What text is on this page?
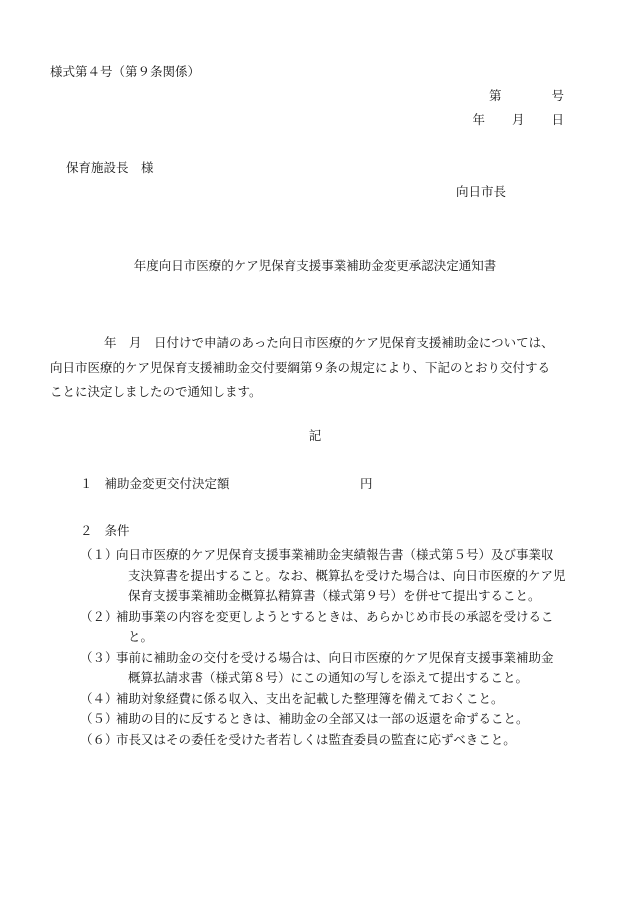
様式第４号（第９条関係）
第	号
年 月 日
保育施設長　様
向日市長
年度向日市医療的ケア児保育支援事業補助金変更承認決定通知書
年　月　日付けで申請のあった向日市医療的ケア児保育支援補助金については、
向日市医療的ケア児保育支援補助金交付要綱第９条の規定により、下記のとおり交付する
ことに決定しましたので通知します。
記
１ 補助金変更交付決定額	円
２ 条件
（１）
向日市医療的ケア児保育支援事業補助金実績報告書（様式第５号）及び事業収
支決算書を提出すること。なお、概算払を受けた場合は、向日市医療的ケア児
保育支援事業補助金概算払精算書（様式第９号）を併せて提出すること。
（２）
補助事業の内容を変更しようとするときは、あらかじめ市長の承認を受けるこ
と。
（３）
事前に補助金の交付を受ける場合は、向日市医療的ケア児保育支援事業補助金
概算払請求書（様式第８号）にこの通知の写しを添えて提出すること。
（４）
補助対象経費に係る収入、支出を記載した整理簿を備えておくこと。
（５）
補助の目的に反するときは、補助金の全部又は一部の返還を命ずること。
（６）
市長又はその委任を受けた者若しくは監査委員の監査に応ずべきこと。
